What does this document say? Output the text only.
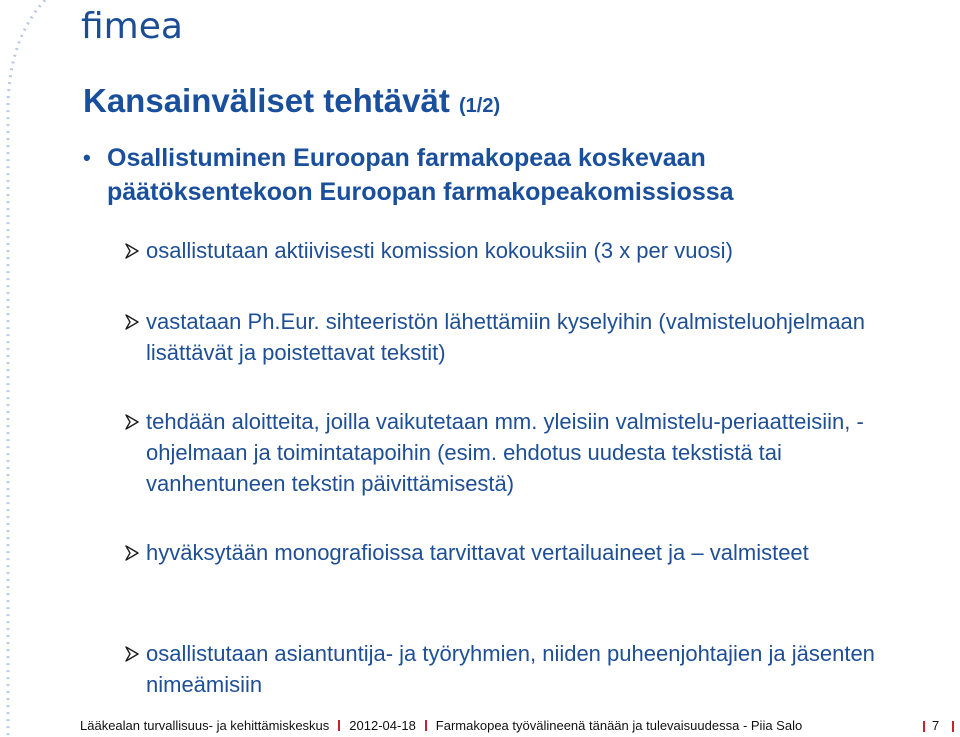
fimea
Kansainväliset tehtävät (1/2)
• Osallistuminen Euroopan farmakopeaa koskevaan päätöksentekoon Euroopan farmakopeakomissiossa
osallistutaan aktiivisesti komission kokouksiin (3 x per vuosi)
vastataan Ph.Eur. sihteeristön lähettämiin kyselyihin (valmisteluohjelmaan lisättävät ja poistettavat tekstit)
tehdään aloitteita, joilla vaikutetaan mm. yleisiin valmistelu-periaatteisiin, -ohjelmaan ja toimintatapoihin (esim. ehdotus uudesta tekstistä tai vanhentuneen tekstin päivittämisestä)
hyväksytään monografioissa tarvittavat vertailuaineet ja – valmisteet
osallistutaan asiantuntija- ja työryhmien, niiden puheenjohtajien ja jäsenten nimeämisiin
Lääkealan turvallisuus- ja kehittämiskeskus 2012-04-18 Farmakopea työvälineenä tänään ja tulevaisuudessa - Piia Salo	7
